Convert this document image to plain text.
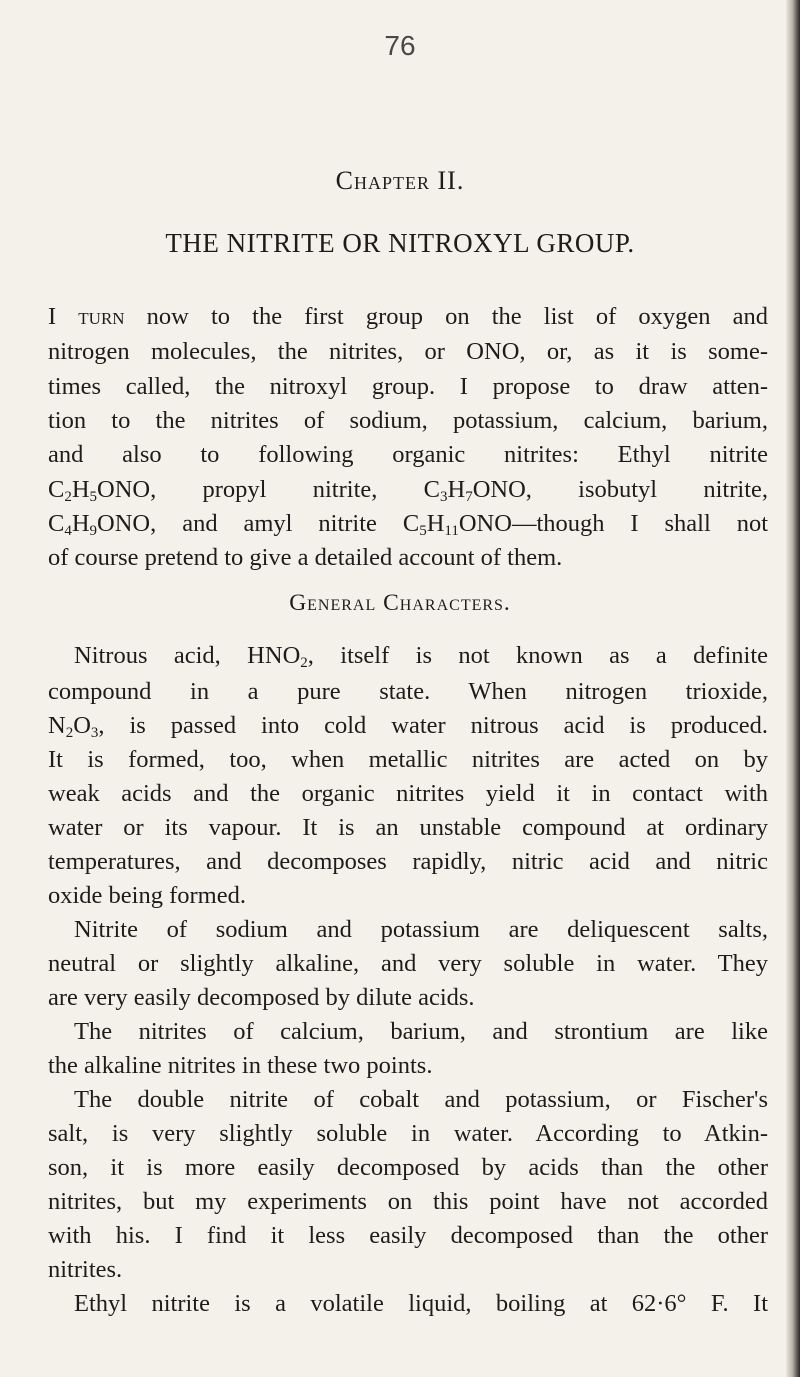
76
Chapter II.
THE NITRITE OR NITROXYL GROUP.
I turn now to the first group on the list of oxygen and
nitrogen molecules, the nitrites, or ONO, or, as it is some-
times called, the nitroxyl group. I propose to draw atten-
tion to the nitrites of sodium, potassium, calcium, barium,
and also to following organic nitrites: Ethyl nitrite
$C_2H_5ONO$, propyl nitrite, $C_3H_7ONO$, isobutyl nitrite,
$C_4H_9ONO$, and amyl nitrite $C_5H_{11}ONO—though$ I shall not
of course pretend to give a detailed account of them.
General Characters.
Nitrous acid, $HNO_2$, itself is not known as a definite
compound in a pure state. When nitrogen trioxide,
$N_2O_3$, is passed into cold water nitrous acid is produced.
It is formed, too, when metallic nitrites are acted on by
weak acids and the organic nitrites yield it in contact with
water or its vapour. It is an unstable compound at ordinary
temperatures, and decomposes rapidly, nitric acid and nitric
oxide being formed.
Nitrite of sodium and potassium are deliquescent salts,
neutral or slightly alkaline, and very soluble in water. They
are very easily decomposed by dilute acids.
The nitrites of calcium, barium, and strontium are like
the alkaline nitrites in these two points.
The double nitrite of cobalt and potassium, or Fischer's
salt, is very slightly soluble in water. According to Atkin-
son, it is more easily decomposed by acids than the other
nitrites, but my experiments on this point have not accorded
with his. I find it less easily decomposed than the other
nitrites.
Ethyl nitrite is a volatile liquid, boiling at 62·6° F. It
